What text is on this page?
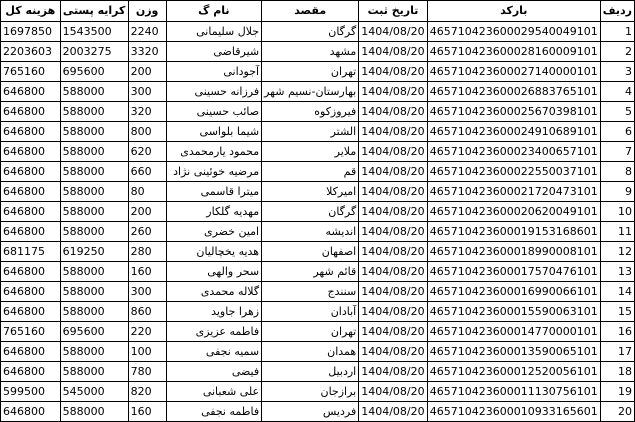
هزینه کل	کرایه پستی	وزن	نام گ	مقصد	تاریخ ثبت	بارکد	ردیف
1697850	1543500	2240	جلال سلیمانی	گرگان	1404/08/20	465710423600029540049101	1
2203603	2003275	3320	شیرقاضی	مشهد	1404/08/20	465710423600028160009101	2
765160	695600	200	آجودانی	تهران	1404/08/20	465710423600027140000101	3
646800	588000	300	فرزانه حسینی	بهارستان-نسیم شهر	1404/08/20	465710423600026883765101	4
646800	588000	320	صائب حسینی	فیروزکوه	1404/08/20	465710423600025670398101	5
646800	588000	800	شیما بلواسی	الشتر	1404/08/20	465710423600024910689101	6
646800	588000	620	محمود یارمحمدی	ملایر	1404/08/20	465710423600023400657101	7
646800	588000	660	مرضیه خوئینی نژاد	قم	1404/08/20	465710423600022550037101	8
646800	588000	80	میترا قاسمی	امیرکلا	1404/08/20	465710423600021720473101	9
646800	588000	200	مهدیه گلکار	گرگان	1404/08/20	465710423600020620049101	10
646800	588000	260	امین خضری	اندیشه	1404/08/20	465710423600019153168601	11
681175	619250	280	هدیه یخچالیان	اصفهان	1404/08/20	465710423600018990008101	12
646800	588000	160	سحر والهی	قائم شهر	1404/08/20	465710423600017570476101	13
646800	588000	300	گلاله محمدی	سنندج	1404/08/20	465710423600016990066101	14
646800	588000	860	زهرا جاوید	آبادان	1404/08/20	465710423600015590063101	15
765160	695600	220	فاطمه عزیزی	تهران	1404/08/20	465710423600014770000101	16
646800	588000	100	سمیه نجفی	همدان	1404/08/20	465710423600013590065101	17
646800	588000	780	فیضی	اردبیل	1404/08/20	465710423600012520056101	18
599500	545000	820	علی شعبانی	برازجان	1404/08/20	465710423600011130756101	19
646800	588000	160	فاطمه نجفی	فردیس	1404/08/20	465710423600010933165601	20
